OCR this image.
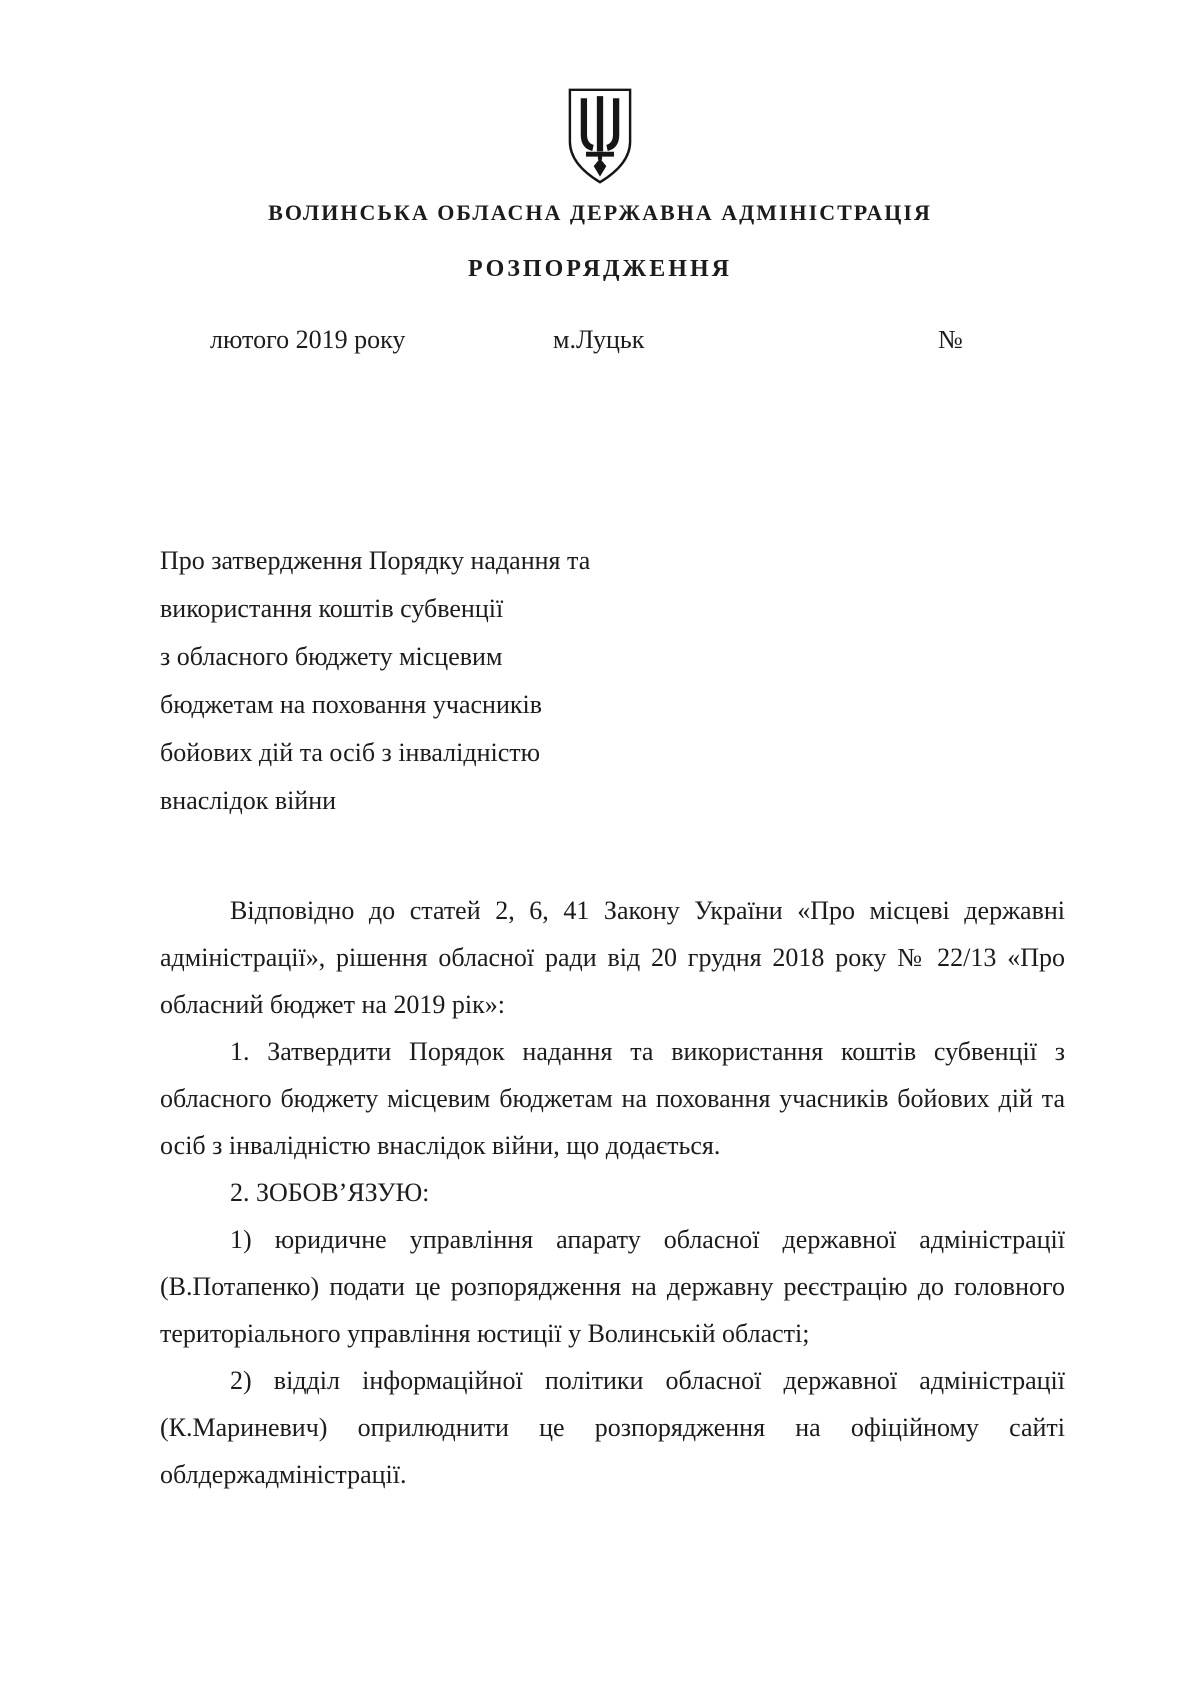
ВОЛИНСЬКА ОБЛАСНА ДЕРЖАВНА АДМІНІСТРАЦІЯ
РОЗПОРЯДЖЕННЯ
лютого 2019 року	м.Луцьк	№
Про затвердження Порядку надання та
використання коштів субвенції
з обласного бюджету місцевим
бюджетам на поховання учасників
бойових дій та осіб з інвалідністю
внаслідок війни

Відповідно до статей 2, 6, 41 Закону України «Про місцеві державні адміністрації», рішення обласної ради від 20 грудня 2018 року № 22/13 «Про обласний бюджет на 2019 рік»:

1. Затвердити Порядок надання та використання коштів субвенції з обласного бюджету місцевим бюджетам на поховання учасників бойових дій та осіб з інвалідністю внаслідок війни, що додається.

2. ЗОБОВ’ЯЗУЮ:

1) юридичне управління апарату обласної державної адміністрації (В.Потапенко) подати це розпорядження на державну реєстрацію до головного територіального управління юстиції у Волинській області;

2) відділ інформаційної політики обласної державної адміністрації (К.Мариневич) оприлюднити це розпорядження на офіційному сайті облдержадміністрації.
